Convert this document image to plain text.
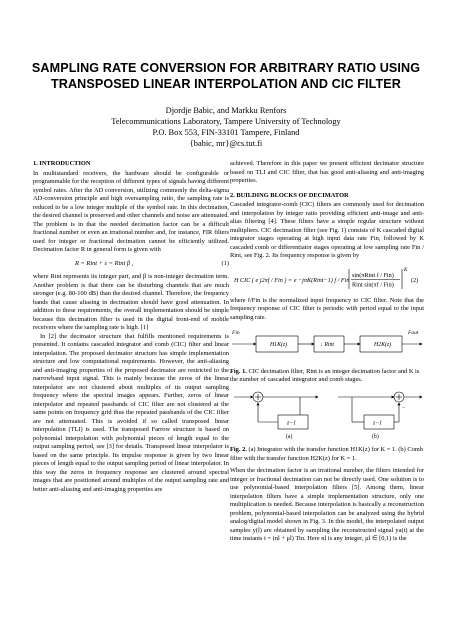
SAMPLING RATE CONVERSION FOR ARBITRARY RATIO USING
TRANSPOSED LINEAR INTERPOLATION AND CIC FILTER
Djordje Babic, and Markku Renfors
Telecommunications Laboratory, Tampere University of Technology
P.O. Box 553, FIN-33101 Tampere, Finland
{babic, mr}@cs.tut.fi
1. INTRODUCTION

In multistandard receivers, the hardware should be configurable or programmable for the reception of different types of signals having different symbol rates. After the AD conversion, utilizing commonly the delta-sigma AD-conversion principle and high oversampling ratio, the sampling rate is reduced to be a low integer multiple of the symbol rate. In this decimation, the desired channel is preserved and other channels and noise are attenuated. The problem is in that the needed decimation factor can be a difficult fractional number or even an irrational number and, for instance, FIR filters used for integer or fractional decimation cannot be efficiently utilized. Decimation factor R in general form is given with

R = Rint + ε = Rint β ,	(1)

where Rint represents its integer part, and β is non-integer decimation term. Another problem is that there can be disturbing channels that are much stronger (e.g. 80-100 dB) than the desired channel. Therefore, the frequency bands that cause aliasing in decimation should have good attenuation. In addition to these requirements, the overall implementation should be simple because this decimation filter is used in the digital front-end of mobile receivers where the sampling rate is high. [1]

In [2] the decimator structure that fulfills mentioned requirements is presented. It contains cascaded integrator and comb (CIC) filter and linear interpolation. The proposed decimator structure has simple implementation structure and low computational requirements. However, the anti-aliasing and anti-imaging properties of the proposed decimator are restricted to the narrowband input signal. This is mainly because the zeros of the linear interpolator are not clustered about multiples of its output sampling frequency where the spectral images appears. Further, zeros of linear interpolator and repeated passbands of CIC filter are not clustered at the same points on frequency grid thus the repeated passbands of the CIC filter are not attenuated. This is avoided if so called transposed linear interpolation (TLI) is used. The transposed Farrow structure is based on polynomial interpolation with polynomial pieces of length equal to the output sampling period, see [3] for details. Transposed linear interpolator is based on the same principle. Its impulse response is given by two linear pieces of length equal to the output sampling period of linear interpolator. In this way the zeros in frequency response are clustered around spectral images that are positioned around multiples of the output sampling rate and better anti-aliasing and anti-imaging properties are

achieved. Therefore in this paper we present efficient decimator structure based on TLI and CIC filter, that has good anti-aliasing and anti-imaging properties.

2. BUILDING BLOCKS OF DECIMATOR

Cascaded integrator-comb (CIC) filters are commonly used for decimation and interpolation by integer ratio providing efficient anti-image and anti-alias filtering [4]. These filters have a simple regular structure without multipliers. CIC decimation filter (see Fig. 1) consists of K cascaded digital integrator stages operating at high input data rate Fin, followed by K cascaded comb or differentiator stages operating at low sampling rate Fin / Rint, see Fig. 2. Its frequency response is given by

H CIC ( e j2πf / Fin ) = e −jπK(Rint−1) f / Fin
sin(πRint f / Fin)
Rint sin(πf / Fin)
K
(2)

where f/Fin is the normalized input frequency to CIC filter. Note that the frequency response of CIC filter is periodic with period equal to the input sampling rate.

Fin	Fout
H1K(z)	↓ Rint	H2K(z)
Fig. 1. CIC decimation filter, Rint is an integer decimation factor and K is the number of cascaded integrator and comb stages.
z−1
(a)
z−1
−
(b)
Fig. 2. (a) Integrator with the transfer function H1K(z) for K = 1. (b) Comb filter with the transfer function H2K(z) for K = 1.

When the decimation factor is an irrational number, the filters intended for integer or fractional decimation can not be directly used. One solution is to use polynomial-based interpolation filters [5]. Among them, linear interpolation filters have a simple implementation structure, only one multiplication is needed. Because interpolation is basically a reconstruction problem, polynomial-based interpolation can be analyzed using the hybrid analog/digital model shown in Fig. 3. In this model, the interpolated output samples y(l) are obtained by sampling the reconstructed signal ya(t) at the time instants t = (nl + μl) Tin. Here nl is any integer, μl ∈ [0,1) is the
